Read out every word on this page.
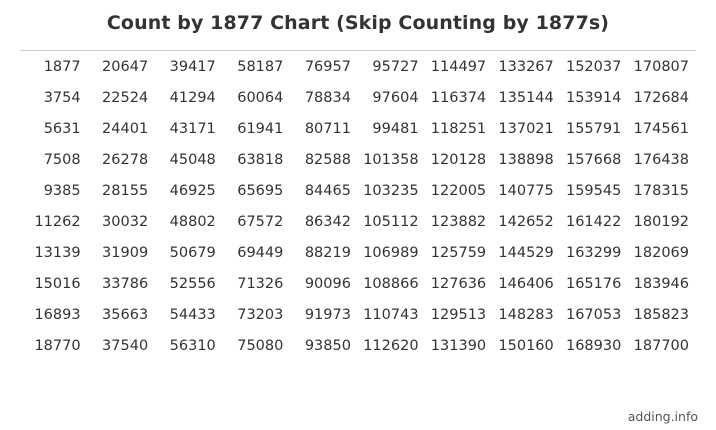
Count by 1877 Chart (Skip Counting by 1877s)
1877	20647	39417	58187	76957	95727	114497	133267	152037	170807
3754	22524	41294	60064	78834	97604	116374	135144	153914	172684
5631	24401	43171	61941	80711	99481	118251	137021	155791	174561
7508	26278	45048	63818	82588	101358	120128	138898	157668	176438
9385	28155	46925	65695	84465	103235	122005	140775	159545	178315
11262	30032	48802	67572	86342	105112	123882	142652	161422	180192
13139	31909	50679	69449	88219	106989	125759	144529	163299	182069
15016	33786	52556	71326	90096	108866	127636	146406	165176	183946
16893	35663	54433	73203	91973	110743	129513	148283	167053	185823
18770	37540	56310	75080	93850	112620	131390	150160	168930	187700
adding.info
